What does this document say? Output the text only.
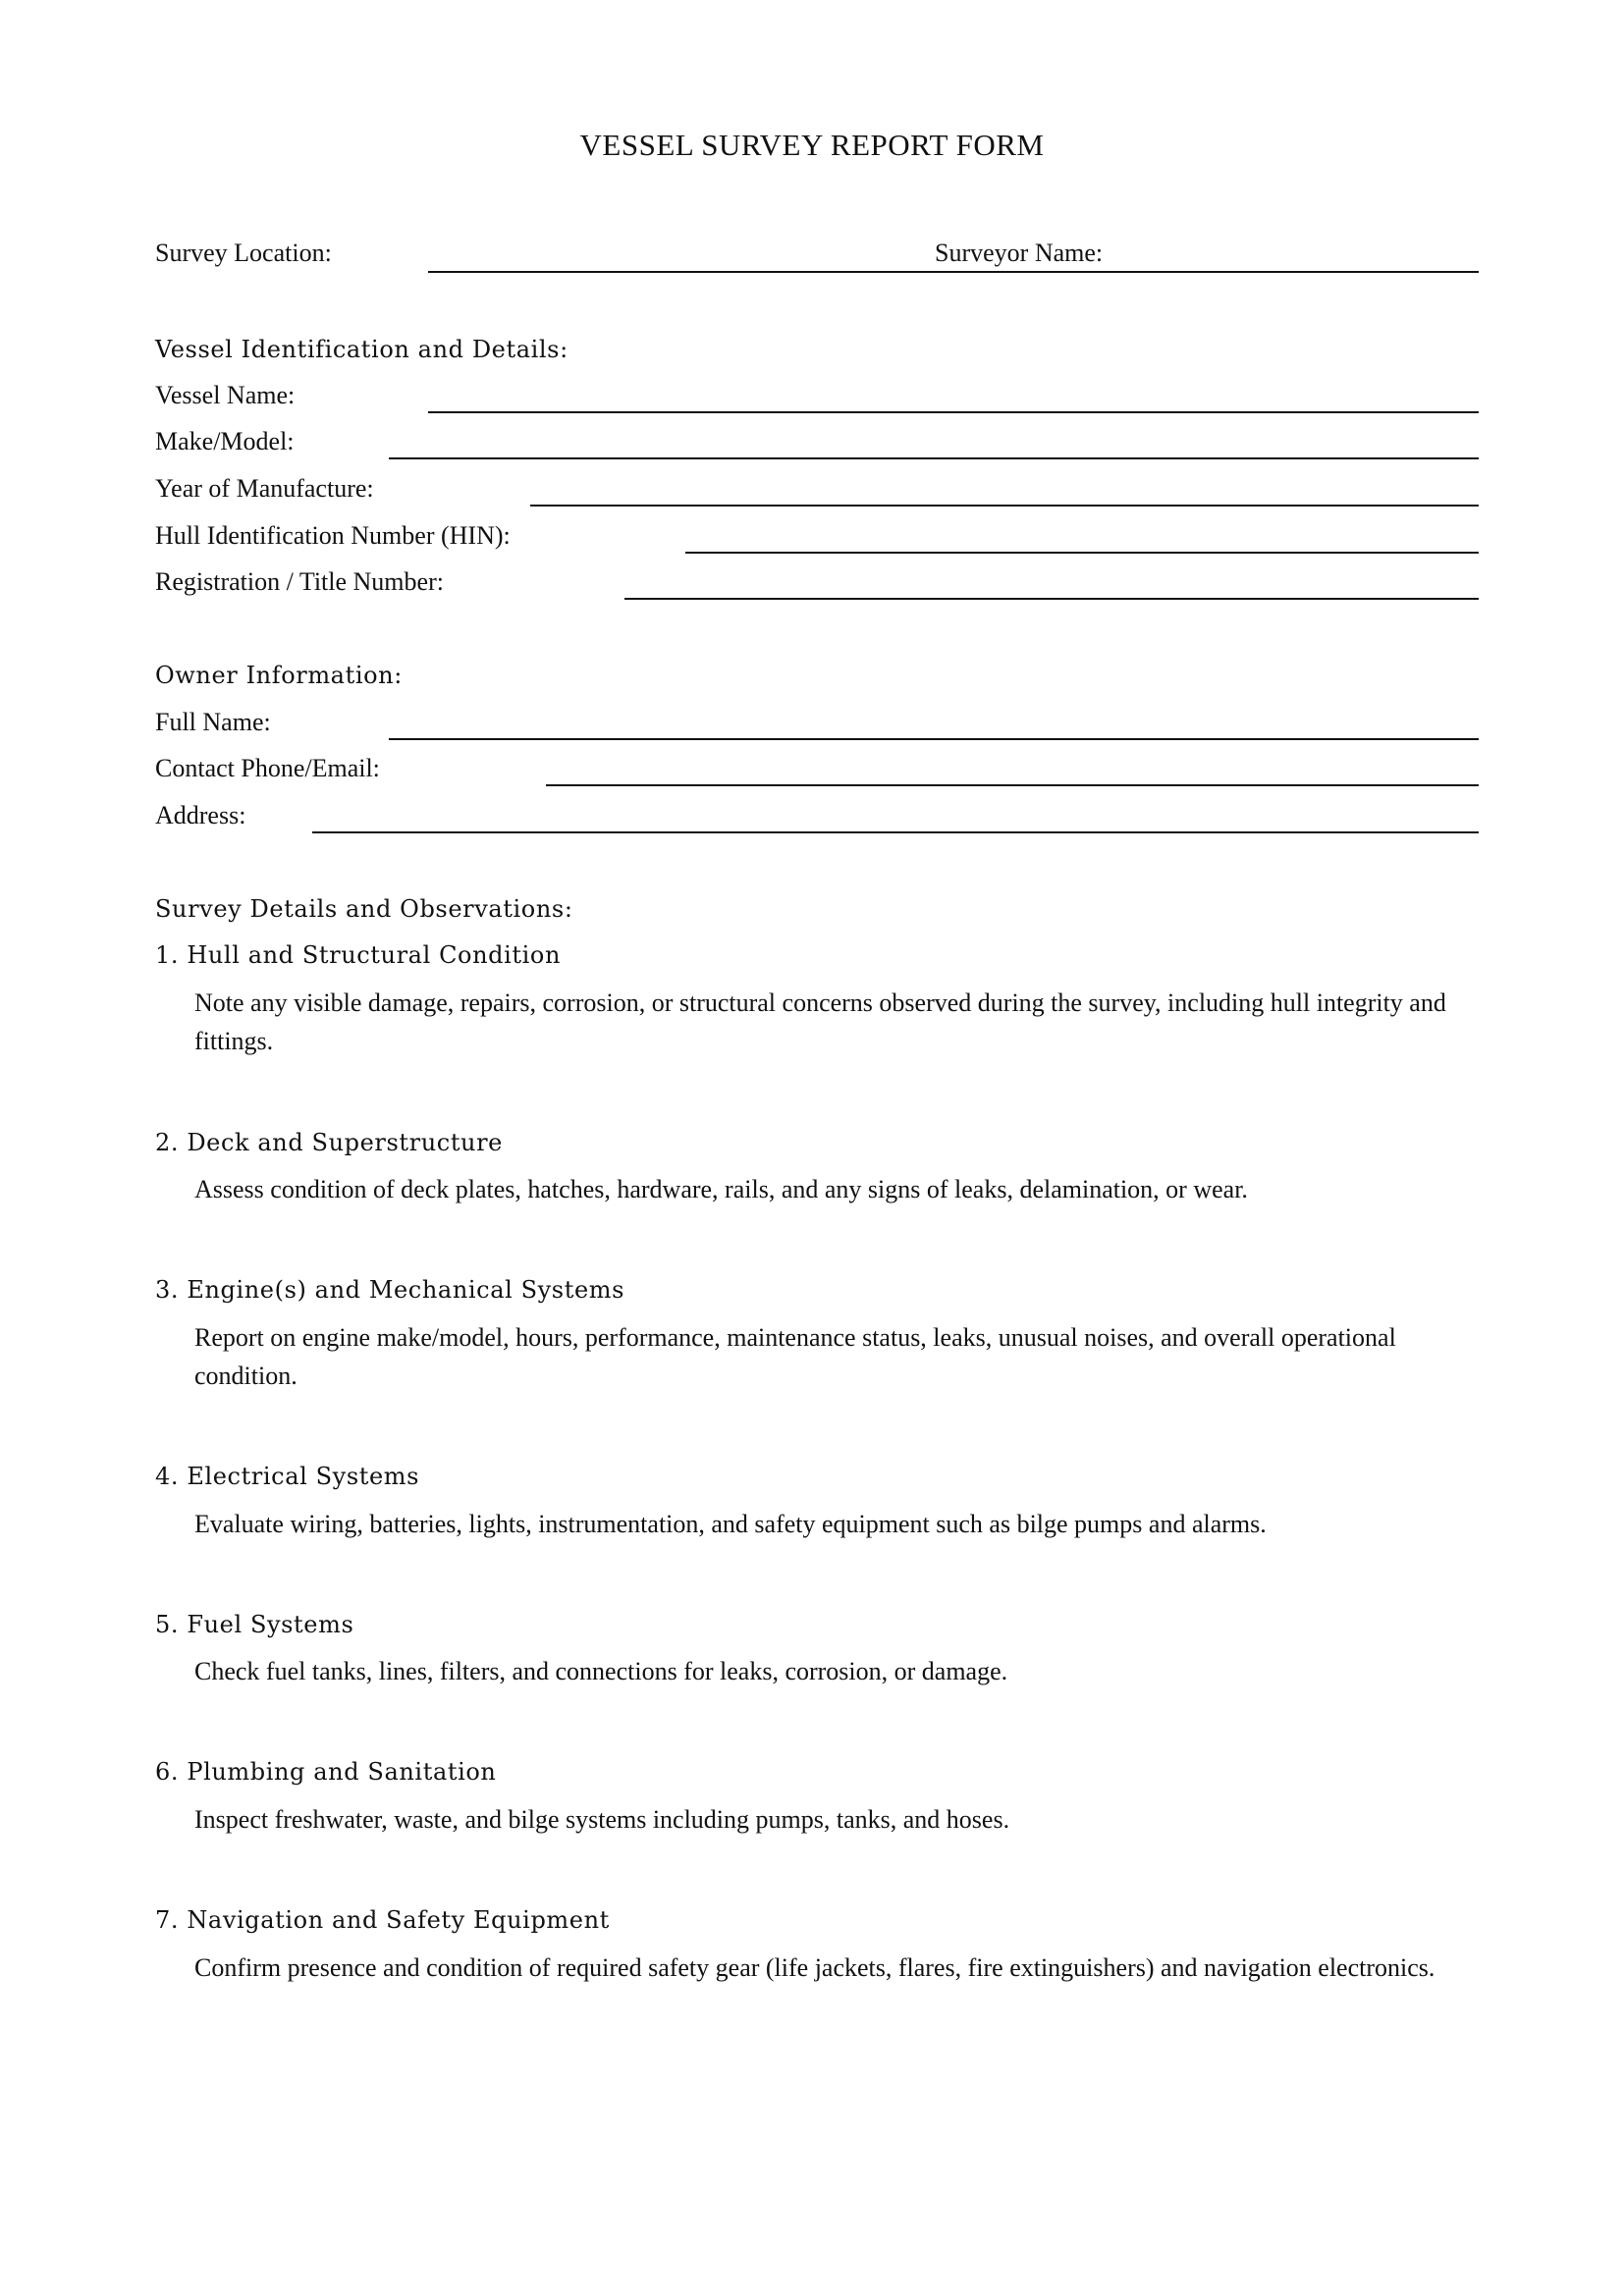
VESSEL SURVEY REPORT FORM
Survey Location:	Surveyor Name:
Vessel Identification and Details:
Vessel Name:
Make/Model:
Year of Manufacture:
Hull Identification Number (HIN):
Registration / Title Number:
Owner Information:
Full Name:
Contact Phone/Email:
Address:
Survey Details and Observations:
1. Hull and Structural Condition
Note any visible damage, repairs, corrosion, or structural concerns observed during the survey, including hull integrity and fittings.
2. Deck and Superstructure
Assess condition of deck plates, hatches, hardware, rails, and any signs of leaks, delamination, or wear.
3. Engine(s) and Mechanical Systems
Report on engine make/model, hours, performance, maintenance status, leaks, unusual noises, and overall operational condition.
4. Electrical Systems
Evaluate wiring, batteries, lights, instrumentation, and safety equipment such as bilge pumps and alarms.
5. Fuel Systems
Check fuel tanks, lines, filters, and connections for leaks, corrosion, or damage.
6. Plumbing and Sanitation
Inspect freshwater, waste, and bilge systems including pumps, tanks, and hoses.
7. Navigation and Safety Equipment
Confirm presence and condition of required safety gear (life jackets, flares, fire extinguishers) and navigation electronics.
